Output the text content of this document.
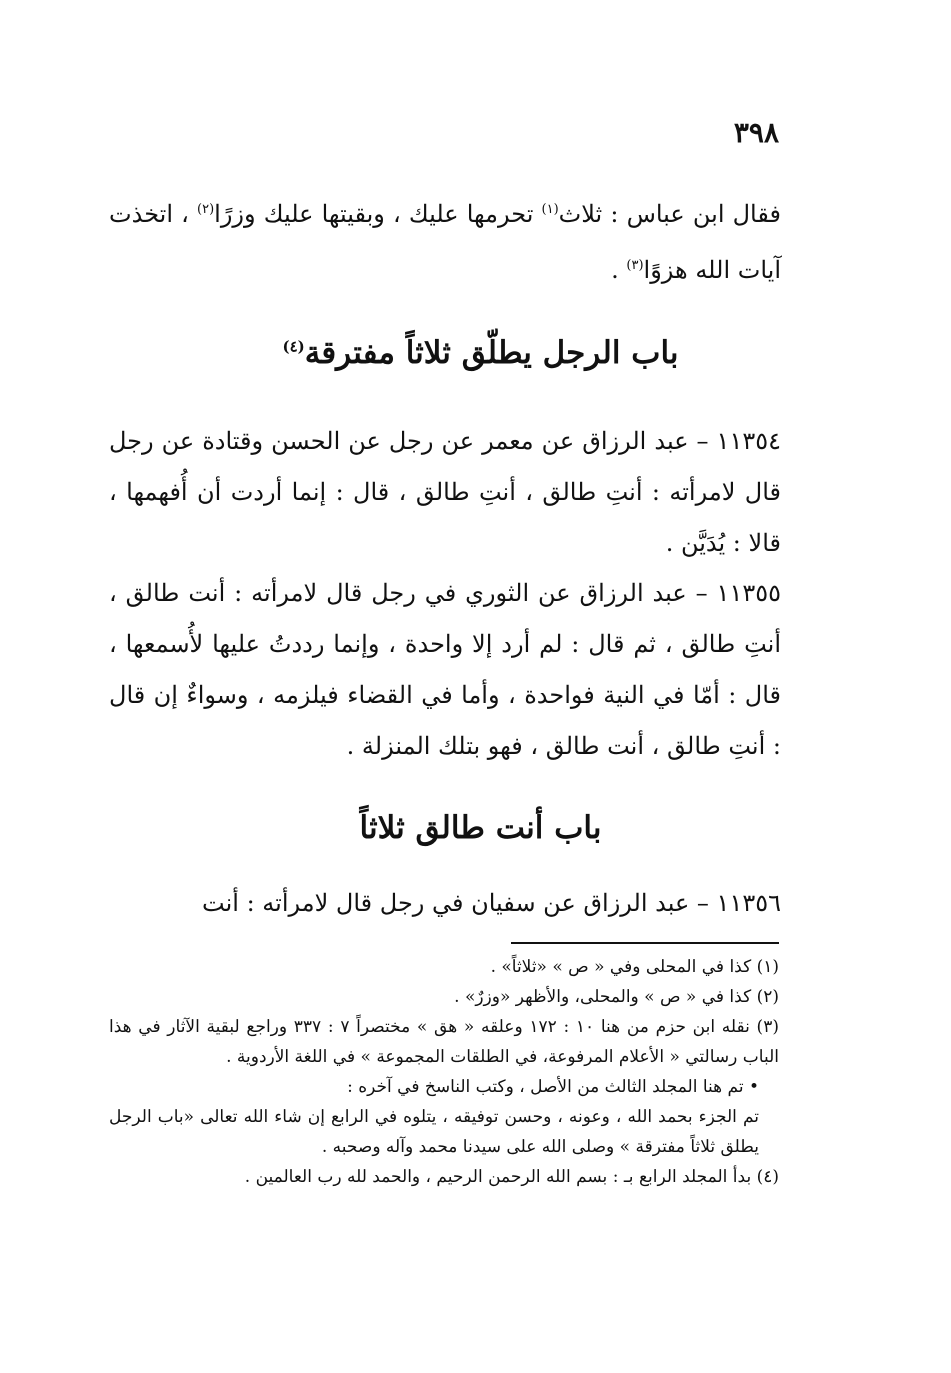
٣٩٨
فقال ابن عباس : ثلاث$^{(١)}$ تحرمها عليك ، وبقيتها عليك وزرًا$^{(٢)}$ ، اتخذت آيات الله هزوًا$^{(٣)}$ .
باب الرجل يطلّق ثلاثاً مفترقة$^{(٤)}$
١١٣٥٤ – عبد الرزاق عن معمر عن رجل عن الحسن وقتادة عن رجل قال لامرأته : أنتِ طالق ، أنتِ طالق ، قال : إنما أردت أن أُفهمها ، قالا : يُدَيَّن .
١١٣٥٥ – عبد الرزاق عن الثوري في رجل قال لامرأته : أنت طالق ، أنتِ طالق ، ثم قال : لم أرد إلا واحدة ، وإنما رددتُ عليها لأُسمعها ، قال : أمّا في النية فواحدة ، وأما في القضاء فيلزمه ، وسواءٌ إن قال : أنتِ طالق ، أنت طالق ، فهو بتلك المنزلة .
باب أنت طالق ثلاثاً
١١٣٥٦ – عبد الرزاق عن سفيان في رجل قال لامرأته : أنت

(١) كذا في المحلى وفي « ص » «ثلاثاً» .

(٢) كذا في « ص » والمحلى، والأظهر «وزرٌ» .

(٣) نقله ابن حزم من هنا ١٠ : ١٧٢ وعلقه « هق » مختصراً ٧ : ٣٣٧ وراجع لبقية الآثار في هذا الباب رسالتي « الأعلام المرفوعة، في الطلقات المجموعة » في اللغة الأردوية .

• تم هنا المجلد الثالث من الأصل ، وكتب الناسخ في آخره :

تم الجزء بحمد الله ، وعونه ، وحسن توفيقه ، يتلوه في الرابع إن شاء الله تعالى «باب الرجل يطلق ثلاثاً مفترقة » وصلى الله على سيدنا محمد وآله وصحبه .

(٤) بدأ المجلد الرابع بـ : بسم الله الرحمن الرحيم ، والحمد لله رب العالمين .
